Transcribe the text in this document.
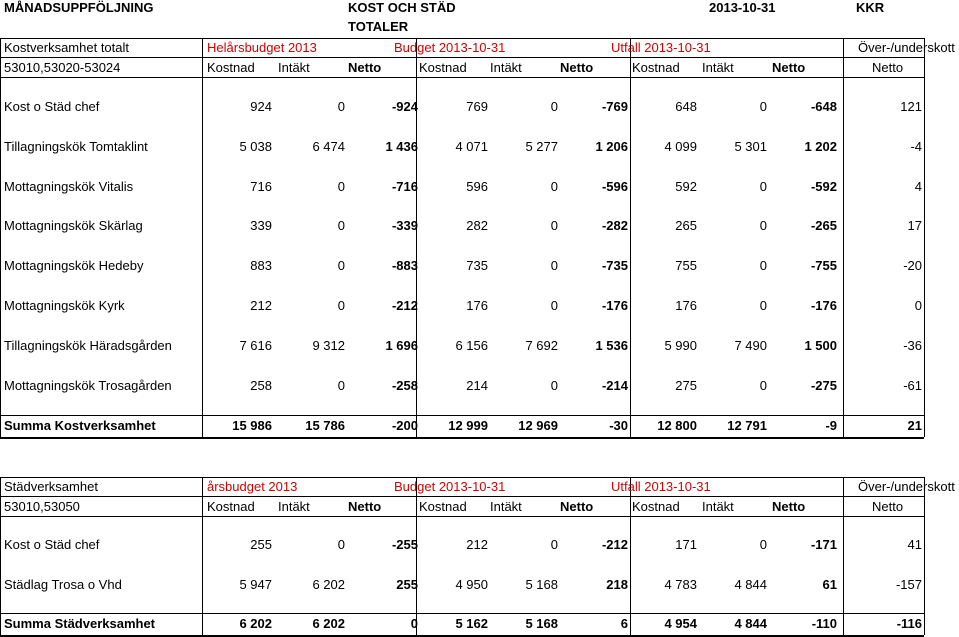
MÅNADSUPPFÖLJNING	KOST OCH STÄD
TOTALER
2013-10-31	KKR
Kostverksamhet totalt
53010,53020-53024
Helårsbudget 2013	Budget 2013-10-31	Utfall 2013-10-31	Över-/underskott
Kostnad Intäkt	Netto	Kostnad Intäkt	Netto	Kostnad Intäkt	Netto	Netto
Kost o Städ chef	924	0	-924	769	0	-769	648	0	-648	121
Tillagningskök Tomtaklint	5 038	6 474	1 436	4 071	5 277	1 206	4 099	5 301	1 202	-4
Mottagningskök Vitalis	716	0	-716	596	0	-596	592	0	-592	4
Mottagningskök Skärlag	339	0	-339	282	0	-282	265	0	-265	17
Mottagningskök Hedeby	883	0	-883	735	0	-735	755	0	-755	-20
Mottagningskök Kyrk	212	0	-212	176	0	-176	176	0	-176	0
Tillagningskök Häradsgården	7 616	9 312	1 696	6 156	7 692	1 536	5 990	7 490	1 500	-36
Mottagningskök Trosagården	258	0	-258	214	0	-214	275	0	-275	-61
Summa Kostverksamhet	15 986	15 786	-200	12 999	12 969	-30	12 800	12 791	-9	21
Städverksamhet
53010,53050
årsbudget 2013	Budget 2013-10-31	Utfall 2013-10-31	Över-/underskott
Kostnad Intäkt	Netto	Kostnad Intäkt	Netto	Kostnad Intäkt	Netto	Netto
Kost o Städ chef	255	0	-255	212	0	-212	171	0	-171	41
Städlag Trosa o Vhd	5 947	6 202	255	4 950	5 168	218	4 783	4 844	61	-157
Summa Städverksamhet	6 202	6 202	0	5 162	5 168	6	4 954	4 844	-110	-116
